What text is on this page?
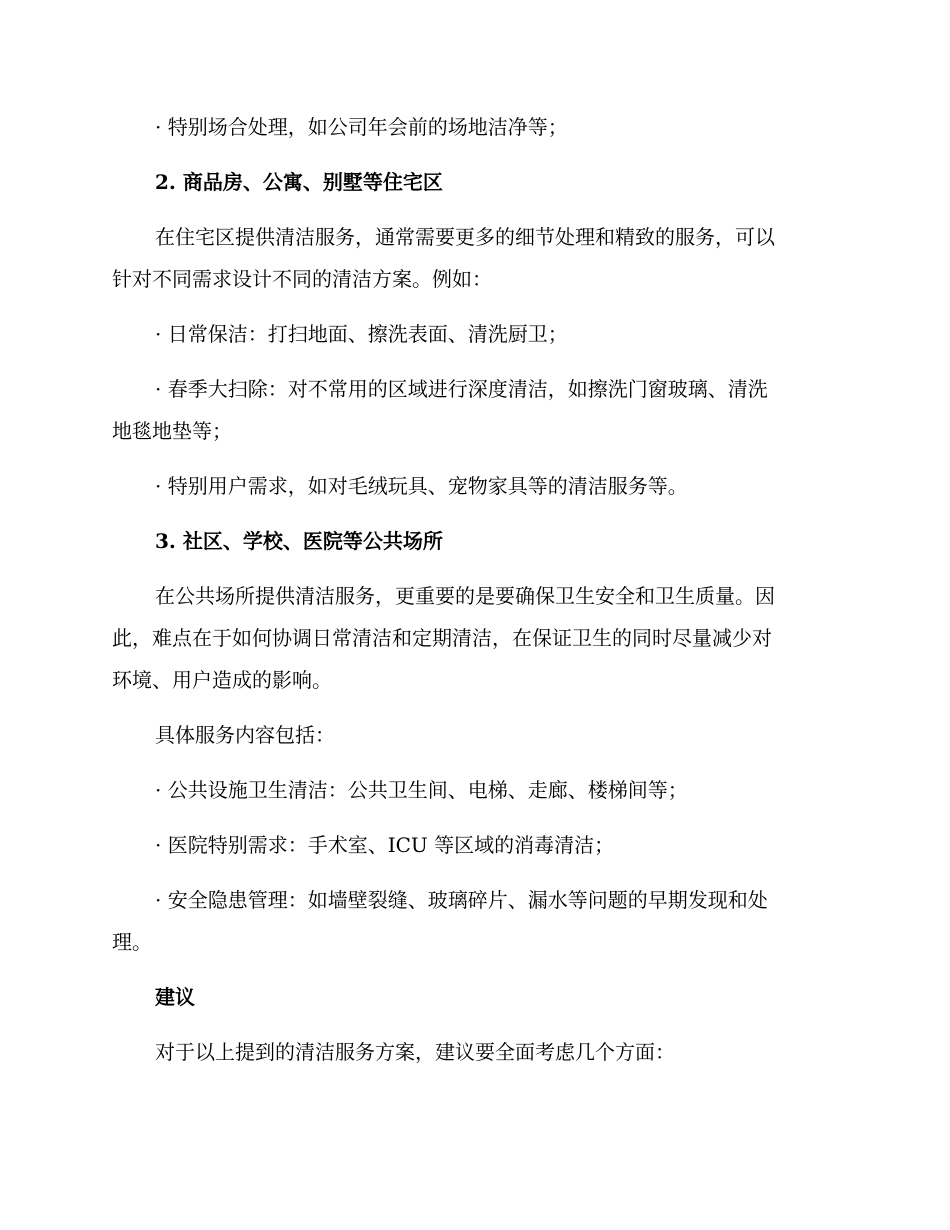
· 特别场合处理，如公司年会前的场地洁净等；
2. 商品房、公寓、别墅等住宅区
在住宅区提供清洁服务，通常需要更多的细节处理和精致的服务，可以
针对不同需求设计不同的清洁方案。例如：
· 日常保洁：打扫地面、擦洗表面、清洗厨卫；
· 春季大扫除：对不常用的区域进行深度清洁，如擦洗门窗玻璃、清洗
地毯地垫等；
· 特别用户需求，如对毛绒玩具、宠物家具等的清洁服务等。
3. 社区、学校、医院等公共场所
在公共场所提供清洁服务，更重要的是要确保卫生安全和卫生质量。因
此，难点在于如何协调日常清洁和定期清洁，在保证卫生的同时尽量减少对
环境、用户造成的影响。
具体服务内容包括：
· 公共设施卫生清洁：公共卫生间、电梯、走廊、楼梯间等；
· 医院特别需求：手术室、ICU 等区域的消毒清洁；
· 安全隐患管理：如墙壁裂缝、玻璃碎片、漏水等问题的早期发现和处
理。
建议
对于以上提到的清洁服务方案，建议要全面考虑几个方面：
